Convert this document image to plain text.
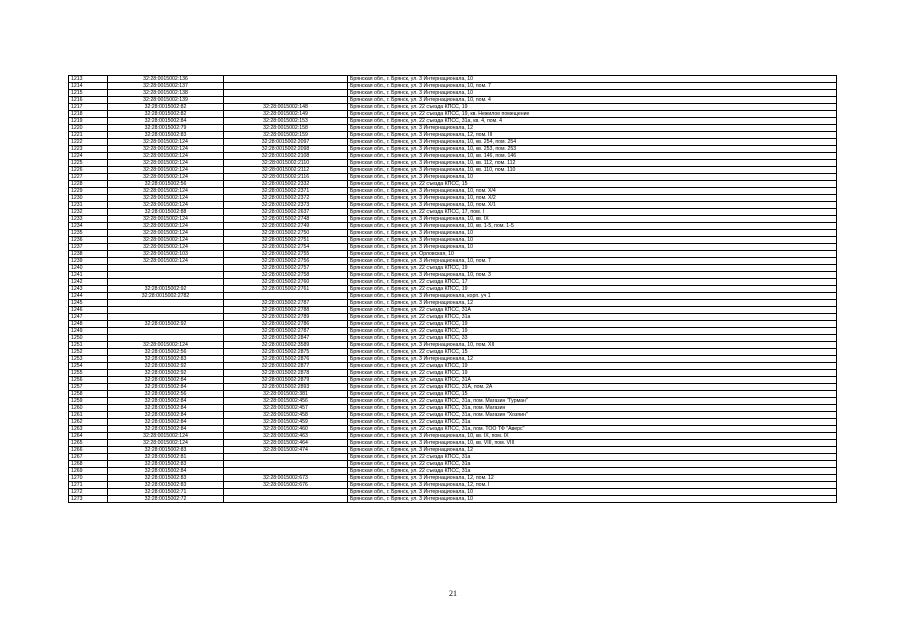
1213	32:28:0015002:136		Брянская обл., г. Брянск, ул. 3 Интернационала, 10
1214	32:28:0015002:137		Брянская обл., г. Брянск, ул. 3 Интернационала, 10, пом. 7
1215	32:28:0015002:138		Брянская обл., г. Брянск, ул. 3 Интернационала, 10
1216	32:28:0015002:139		Брянская обл., г. Брянск, ул. 3 Интернационала, 10, пом. 4
1217	32:28:0015002:82	32:28:0015002:148	Брянская обл., г. Брянск, ул. 22 съезда КПСС, 19
1218	32:28:0015002:82	32:28:0015002:149	Брянская обл., г. Брянск, ул. 22 съезда КПСС, 19, кв. Нежилое помещение
1219	32:28:0015002:84	32:28:0015002:153	Брянская обл., г. Брянск, ул. 22 съезда КПСС, 31а, кв. 4, пом. 4
1220	32:28:0015002:79	32:28:0015002:158	Брянская обл., г. Брянск, ул. 3 Интернационала, 12
1221	32:28:0015002:83	32:28:0015002:159	Брянская обл., г. Брянск, ул. 3 Интернационала, 12, пом. III
1222	32:28:0015002:124	32:28:0015002:2097	Брянская обл., г. Брянск, ул. 3 Интернационала, 10, кв. 254, пом. 254
1223	32:28:0015002:124	32:28:0015002:2098	Брянская обл., г. Брянск, ул. 3 Интернационала, 10, кв. 253, пом. 253
1224	32:28:0015002:124	32:28:0015002:2108	Брянская обл., г. Брянск, ул. 3 Интернационала, 10, кв. 146, пом. 146
1225	32:28:0015002:124	32:28:0015002:2110	Брянская обл., г. Брянск, ул. 3 Интернационала, 10, кв. 112, пом. 112
1226	32:28:0015002:124	32:28:0015002:2112	Брянская обл., г. Брянск, ул. 3 Интернационала, 10, кв. 110, пом. 110
1227	32:28:0015002:124	32:28:0015002:2116	Брянская обл., г. Брянск, ул. 3 Интернационала, 10
1228	32:28:0015002:56	32:28:0015002:2332	Брянская обл., г. Брянск, ул. 22 съезда КПСС, 15
1229	32:28:0015002:124	32:28:0015002:2371	Брянская обл., г. Брянск, ул. 3 Интернационала, 10, пом. Х/4
1230	32:28:0015002:124	32:28:0015002:2372	Брянская обл., г. Брянск, ул. 3 Интернационала, 10, пом. Х/2
1231	32:28:0015002:124	32:28:0015002:2373	Брянская обл., г. Брянск, ул. 3 Интернационала, 10, пом. Х/1
1232	32:28:0015002:88	32:28:0015002:2637	Брянская обл., г. Брянск, ул. 22 съезда КПСС, 17, пом. I
1233	32:28:0015002:124	32:28:0015002:2748	Брянская обл., г. Брянск, ул. 3 Интернационала, 10, кв. IX
1234	32:28:0015002:124	32:28:0015002:2749	Брянская обл., г. Брянск, ул. 3 Интернационала, 10, кв. 1-5, пом. 1-5
1235	32:28:0015002:124	32:28:0015002:2750	Брянская обл., г. Брянск, ул. 3 Интернационала, 10
1236	32:28:0015002:124	32:28:0015002:2751	Брянская обл., г. Брянск, ул. 3 Интернационала, 10
1237	32:28:0015002:124	32:28:0015002:2754	Брянская обл., г. Брянск, ул. 3 Интернационала, 10
1238	32:28:0015002:103	32:28:0015002:2755	Брянская обл., г. Брянск, ул. Орловская, 10
1239	32:28:0015002:124	32:28:0015002:2756	Брянская обл., г. Брянск, ул. 3 Интернационала, 10, пом. 7
1240		32:28:0015002:2757	Брянская обл., г. Брянск, ул. 22 съезда КПСС, 19
1241		32:28:0015002:2758	Брянская обл., г. Брянск, ул. 3 Интернационала, 10, пом. 3
1242		32:28:0015002:2760	Брянская обл., г. Брянск, ул. 22 съезда КПСС, 17
1243	32:28:0015002:92	32:28:0015002:2761	Брянская обл., г. Брянск, ул. 22 съезда КПСС, 19
1244	32:28:0015002:2782		Брянская обл., г. Брянск, ул. 3 Интернационала, корп. уч 1
1245		32:28:0015002:2787	Брянская обл., г. Брянск, ул. 3 Интернационала, 12
1246		32:28:0015002:2788	Брянская обл., г. Брянск, ул. 22 съезда КПСС, 31А
1247		32:28:0015002:2789	Брянская обл., г. Брянск, ул. 22 съезда КПСС, 31а
1248	32:28:0015002:92	32:28:0015002:2786	Брянская обл., г. Брянск, ул. 22 съезда КПСС, 19
1249		32:28:0015002:2787	Брянская обл., г. Брянск, ул. 22 съезда КПСС, 19
1250		32:28:0015002:2847	Брянская обл., г. Брянск, ул. 22 съезда КПСС, 33
1251	32:28:0015002:124	32:28:0015002:3589	Брянская обл., г. Брянск, ул. 3 Интернационала, 10, пом. XII
1252	32:28:0015002:56	32:28:0015002:2875	Брянская обл., г. Брянск, ул. 22 съезда КПСС, 15
1253	32:28:0015002:83	32:28:0015002:2876	Брянская обл., г. Брянск, ул. 3 Интернационала, 12
1254	32:28:0015002:92	32:28:0015002:2877	Брянская обл., г. Брянск, ул. 22 съезда КПСС, 19
1255	32:28:0015002:92	32:28:0015002:2878	Брянская обл., г. Брянск, ул. 22 съезда КПСС, 19
1256	32:28:0015002:84	32:28:0015002:2879	Брянская обл., г. Брянск, ул. 22 съезда КПСС, 31А
1257	32:28:0015002:84	32:28:0015002:2893	Брянская обл., г. Брянск, ул. 22 съезда КПСС, 31А, пом. 2А
1258	32:28:0015002:56	32:28:0015002:381	Брянская обл., г. Брянск, ул. 22 съезда КПСС, 15
1259	32:28:0015002:84	32:28:0015002:456	Брянская обл., г. Брянск, ул. 22 съезда КПСС, 31а, пом. Магазин "Гурман"
1260	32:28:0015002:84	32:28:0015002:457	Брянская обл., г. Брянск, ул. 22 съезда КПСС, 31а, пом. Магазин
1261	32:28:0015002:84	32:28:0015002:458	Брянская обл., г. Брянск, ул. 22 съезда КПСС, 31а, пом. Магазин "Хозяин"
1262	32:28:0015002:84	32:28:0015002:459	Брянская обл., г. Брянск, ул. 22 съезда КПСС, 31а
1263	32:28:0015002:84	32:28:0015002:460	Брянская обл., г. Брянск, ул. 22 съезда КПСС, 31а, пом. ТОО ТФ "Аверс"
1264	32:28:0015002:124	32:28:0015002:463	Брянская обл., г. Брянск, ул. 3 Интернационала, 10, кв. IX, пом. IX
1265	32:28:0015002:124	32:28:0015002:464	Брянская обл., г. Брянск, ул. 3 Интернационала, 10, кв. VIII, пом. VIII
1266	32:28:0015002:83	32:28:0015002:474	Брянская обл., г. Брянск, ул. 3 Интернационала, 12
1267	32:28:0015002:81		Брянская обл., г. Брянск, ул. 22 съезда КПСС, 31а
1268	32:28:0015002:83		Брянская обл., г. Брянск, ул. 22 съезда КПСС, 31а
1269	32:28:0015002:84		Брянская обл., г. Брянск, ул. 22 съезда КПСС, 31а
1270	32:28:0015002:83	32:28:0015002:673	Брянская обл., г. Брянск, ул. 3 Интернационала, 12, пом. 12
1271	32:28:0015002:83	32:28:0015002:676	Брянская обл., г. Брянск, ул. 3 Интернационала, 12, пом. I
1272	32:28:0015002:71		Брянская обл., г. Брянск, ул. 3 Интернационала, 10
1273	32:28:0015002:72		Брянская обл., г. Брянск, ул. 3 Интернационала, 10
21
